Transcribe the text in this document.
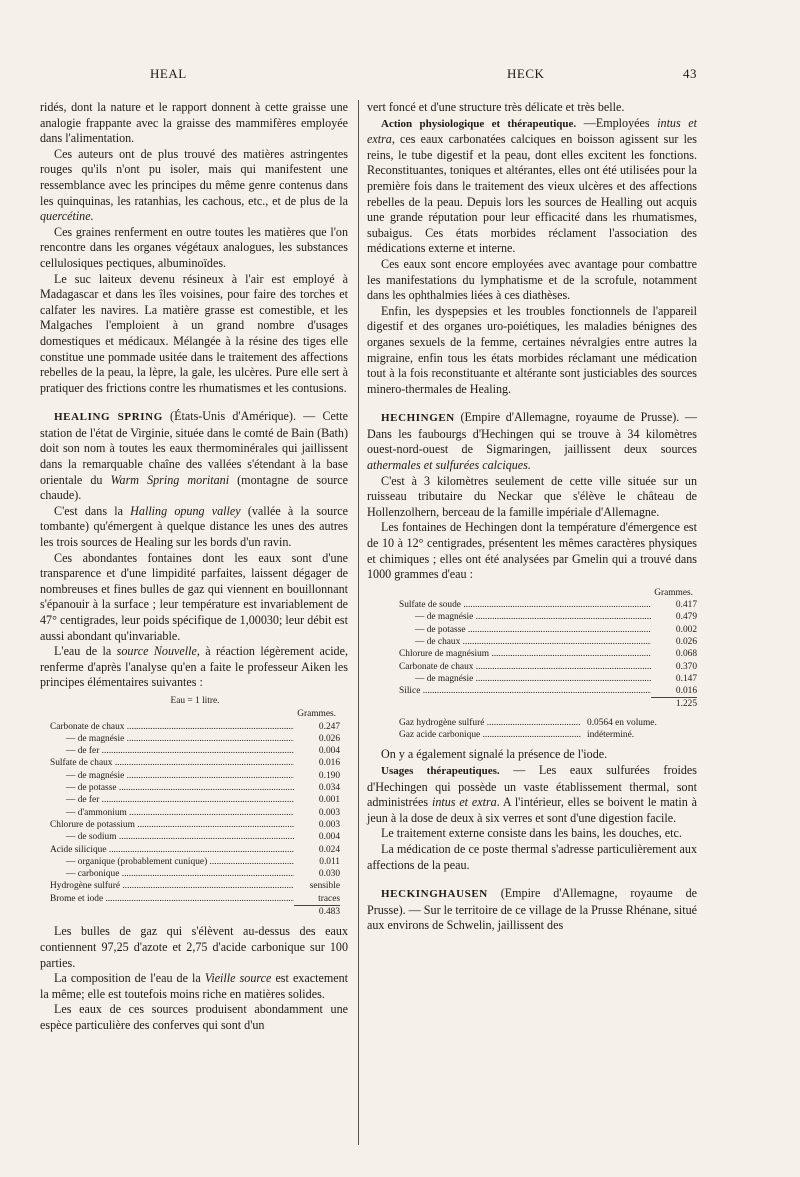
HEAL	HECK	43

ridés, dont la nature et le rapport donnent à cette graisse une analogie frappante avec la graisse des mammifères employée dans l'alimentation.

Ces auteurs ont de plus trouvé des matières astringentes rouges qu'ils n'ont pu isoler, mais qui manifestent une ressemblance avec les principes du même genre contenus dans les quinquinas, les ratanhias, les cachous, etc., et de plus de la quercétine.

Ces graines renferment en outre toutes les matières que l'on rencontre dans les organes végétaux analogues, les substances cellulosiques pectiques, albuminoïdes.

Le suc laiteux devenu résineux à l'air est employé à Madagascar et dans les îles voisines, pour faire des torches et calfater les navires. La matière grasse est comestible, et les Malgaches l'emploient à un grand nombre d'usages domestiques et médicaux. Mélangée à la résine des tiges elle constitue une pommade usitée dans le traitement des affections rebelles de la peau, la lèpre, la gale, les ulcères. Pure elle sert à pratiquer des frictions contre les rhumatismes et les contusions.

HEALING SPRING (États-Unis d'Amérique). — Cette station de l'état de Virginie, située dans le comté de Bain (Bath) doit son nom à toutes les eaux thermominérales qui jaillissent dans la remarquable chaîne des vallées s'étendant à la base orientale du Warm Spring moritani (montagne de source chaude).

C'est dans la Halling opung valley (vallée à la source tombante) qu'émergent à quelque distance les unes des autres les trois sources de Healing sur les bords d'un ravin.

Ces abondantes fontaines dont les eaux sont d'une transparence et d'une limpidité parfaites, laissent dégager de nombreuses et fines bulles de gaz qui viennent en bouillonnant s'épanouir à la surface ; leur température est invariablement de 47° centigrades, leur poids spécifique de 1,00030; leur débit est aussi abondant qu'invariable.

L'eau de la source Nouvelle, à réaction légèrement acide, renferme d'après l'analyse qu'en a faite le professeur Aiken les principes élémentaires suivantes :

Eau = 1 litre.
Grammes.
Carbonate de chaux .....	0.247
— de magnésie .....	0.026
— de fer .....	0.004
Sulfate de chaux .....	0.016
— de magnésie .....	0.190
— de potasse .....	0.034
— de fer .....	0.001
— d'ammonium .....	0.003
Chlorure de potassium .....	0.003
— de sodium .....	0.004
Acide silicique .....	0.024
— organique (probablement cunique) .....	0.011
— carbonique .....	0.030
Hydrogène sulfuré .....	sensible
Brome et iode .....	traces
0.483

Les bulles de gaz qui s'élèvent au-dessus des eaux contiennent 97,25 d'azote et 2,75 d'acide carbonique sur 100 parties.

La composition de l'eau de la Vieille source est exactement la même; elle est toutefois moins riche en matières solides.

Les eaux de ces sources produisent abondamment une espèce particulière des conferves qui sont d'un

vert foncé et d'une structure très délicate et très belle.

Action physiologique et thérapeutique. —Employées intus et extra, ces eaux carbonatées calciques en boisson agissent sur les reins, le tube digestif et la peau, dont elles excitent les fonctions. Reconstituantes, toniques et altérantes, elles ont été utilisées pour la première fois dans le traitement des vieux ulcères et des affections rebelles de la peau. Depuis lors les sources de Healling out acquis une grande réputation pour leur efficacité dans les rhumatismes, subaigus. Ces états morbides réclament l'association des médications externe et interne.

Ces eaux sont encore employées avec avantage pour combattre les manifestations du lymphatisme et de la scrofule, notamment dans les ophthalmies liées à ces diathèses.

Enfin, les dyspepsies et les troubles fonctionnels de l'appareil digestif et des organes uro-poiétiques, les maladies bénignes des organes sexuels de la femme, certaines névralgies entre autres la migraine, enfin tous les états morbides réclamant une médication tout à la fois reconstituante et altérante sont justiciables des sources minero-thermales de Healing.

HECHINGEN (Empire d'Allemagne, royaume de Prusse). — Dans les faubourgs d'Hechingen qui se trouve à 34 kilomètres ouest-nord-ouest de Sigmaringen, jaillissent deux sources athermales et sulfurées calciques.

C'est à 3 kilomètres seulement de cette ville située sur un ruisseau tributaire du Neckar que s'élève le château de Hollenzolhern, berceau de la famille impériale d'Allemagne.

Les fontaines de Hechingen dont la température d'émergence est de 10 à 12° centigrades, présentent les mêmes caractères physiques et chimiques ; elles ont été analysées par Gmelin qui a trouvé dans 1000 grammes d'eau :

Grammes.
Sulfate de soude .....	0.417
— de magnésie .....	0.479
— de potasse .....	0.002
— de chaux .....	0.026
Chlorure de magnésium .....	0.068
Carbonate de chaux .....	0.370
— de magnésie .....	0.147
Silice .....	0.016
1.225
Gaz hydrogène sulfuré .....	0.0564 en volume.
Gaz acide carbonique .....	indéterminé.

On y a également signalé la présence de l'iode.

Usages thérapeutiques. — Les eaux sulfurées froides d'Hechingen qui possède un vaste établissement thermal, sont administrées intus et extra. A l'intérieur, elles se boivent le matin à jeun à la dose de deux à six verres et sont d'une digestion facile.

Le traitement externe consiste dans les bains, les douches, etc.

La médication de ce poste thermal s'adresse particulièrement aux affections de la peau.

HECKINGHAUSEN (Empire d'Allemagne, royaume de Prusse). — Sur le territoire de ce village de la Prusse Rhénane, situé aux environs de Schwelin, jaillissent des
